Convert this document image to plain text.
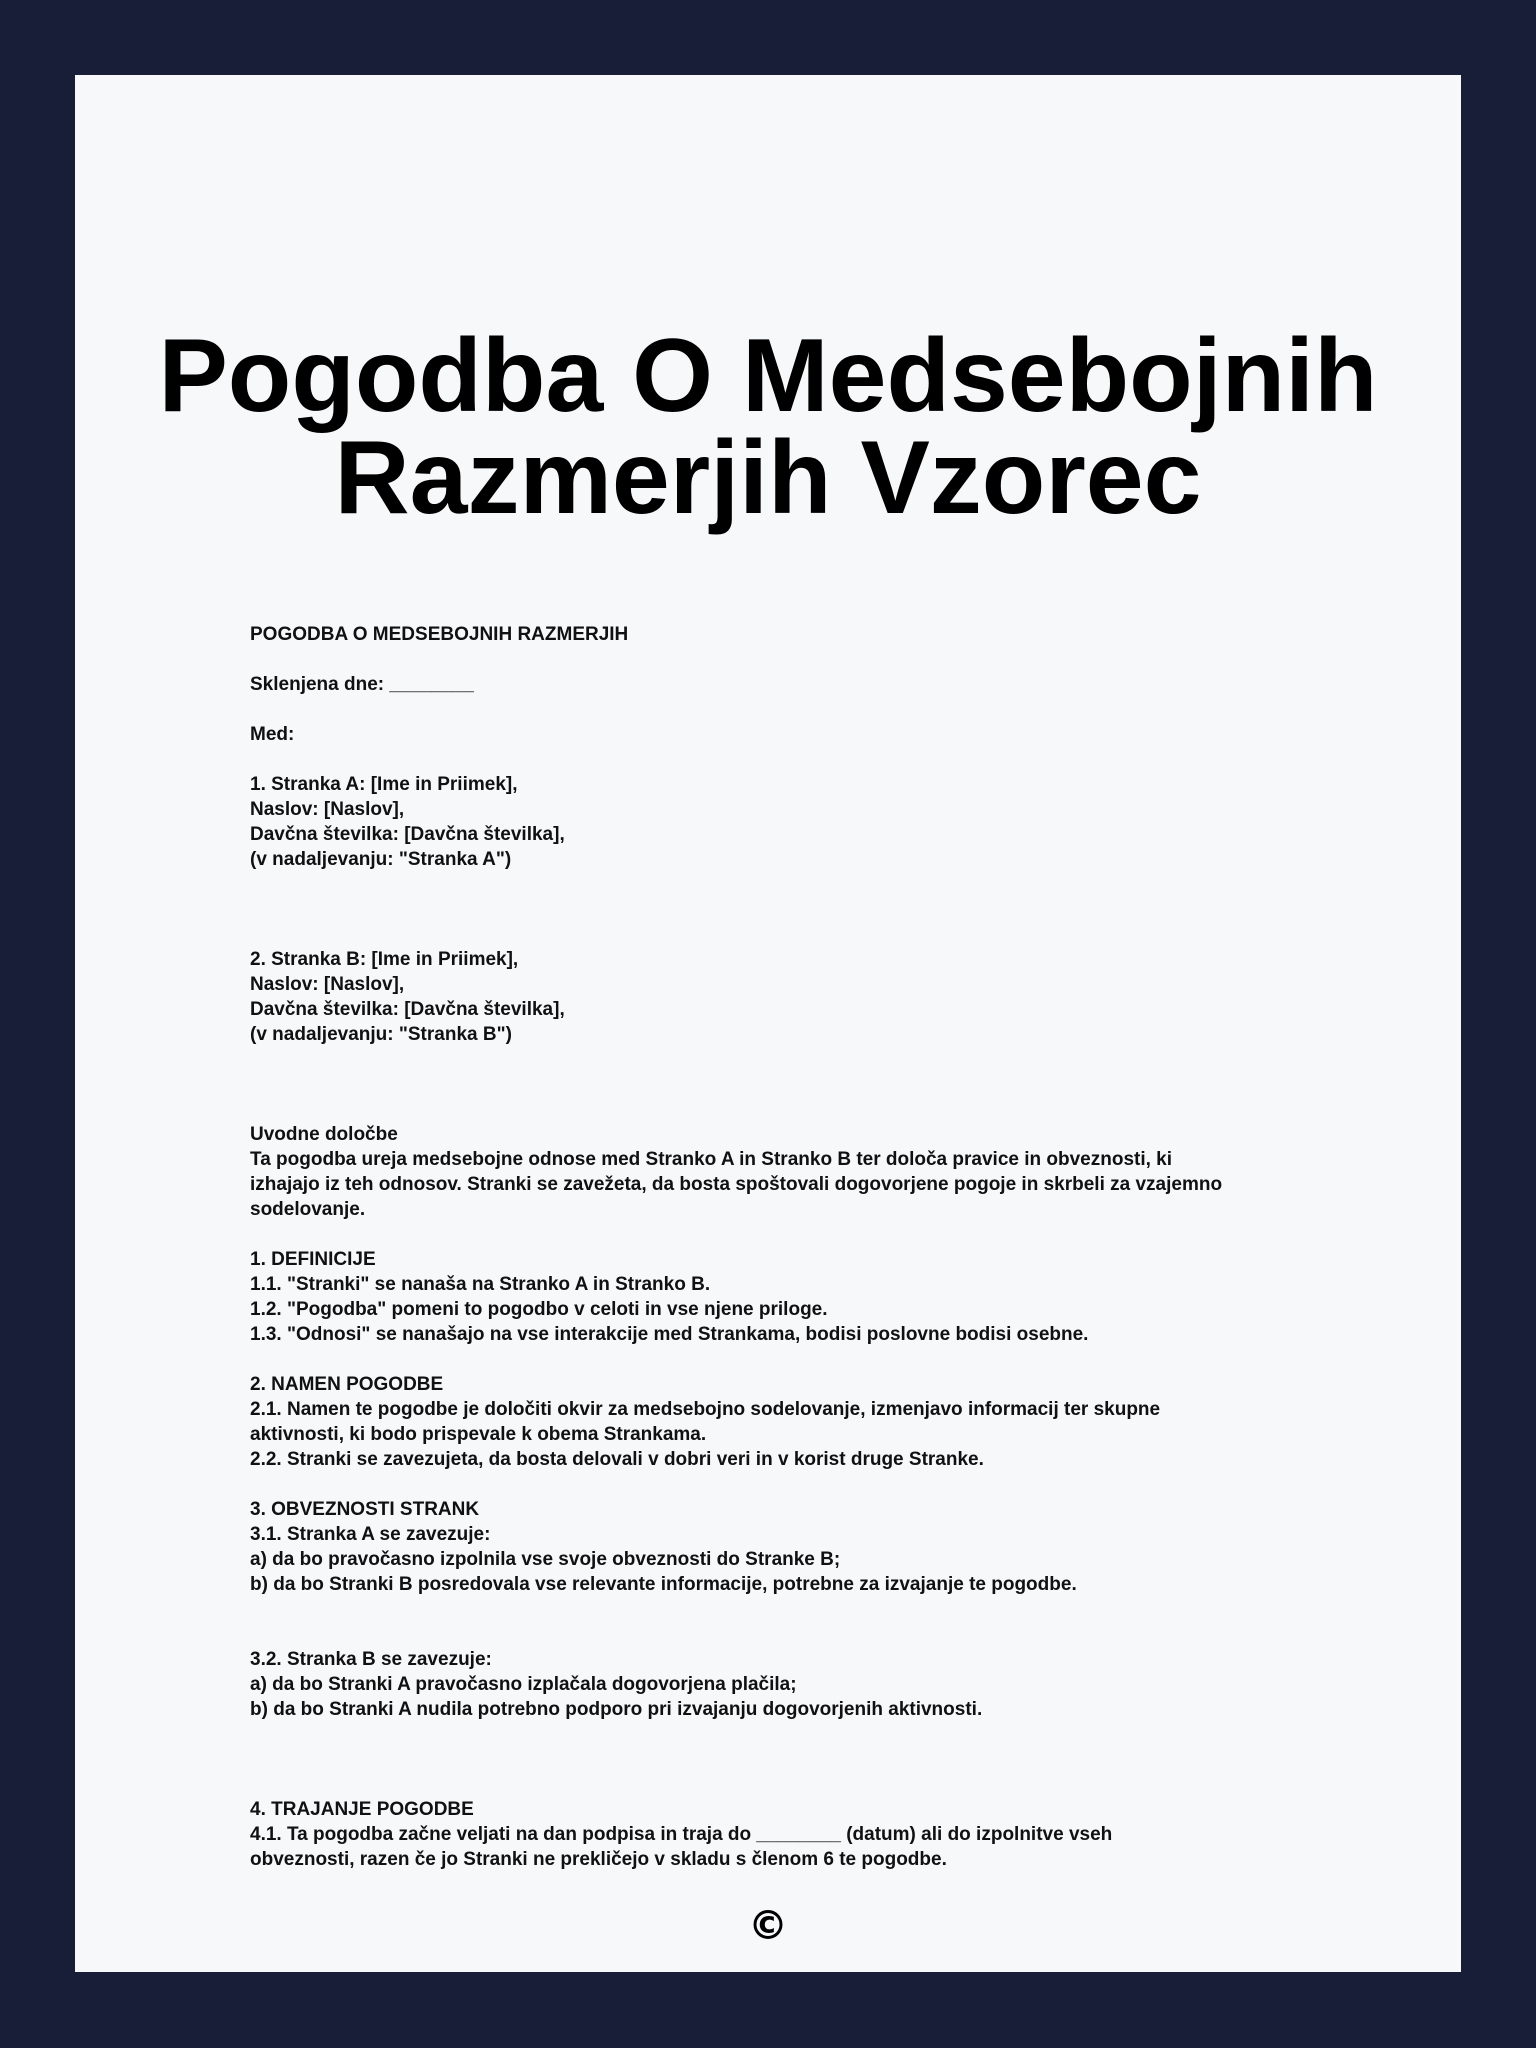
Pogodba O Medsebojnih Razmerjih Vzorec
POGODBA O MEDSEBOJNIH RAZMERJIH
Sklenjena dne: ________
Med:
1. Stranka A: [Ime in Priimek],
Naslov: [Naslov],
Davčna številka: [Davčna številka],
(v nadaljevanju: "Stranka A")
2. Stranka B: [Ime in Priimek],
Naslov: [Naslov],
Davčna številka: [Davčna številka],
(v nadaljevanju: "Stranka B")
Uvodne določbe
Ta pogodba ureja medsebojne odnose med Stranko A in Stranko B ter določa pravice in obveznosti, ki
izhajajo iz teh odnosov. Stranki se zavežeta, da bosta spoštovali dogovorjene pogoje in skrbeli za vzajemno
sodelovanje.
1. DEFINICIJE
1.1. "Stranki" se nanaša na Stranko A in Stranko B.
1.2. "Pogodba" pomeni to pogodbo v celoti in vse njene priloge.
1.3. "Odnosi" se nanašajo na vse interakcije med Strankama, bodisi poslovne bodisi osebne.
2. NAMEN POGODBE
2.1. Namen te pogodbe je določiti okvir za medsebojno sodelovanje, izmenjavo informacij ter skupne
aktivnosti, ki bodo prispevale k obema Strankama.
2.2. Stranki se zavezujeta, da bosta delovali v dobri veri in v korist druge Stranke.
3. OBVEZNOSTI STRANK
3.1. Stranka A se zavezuje:
a) da bo pravočasno izpolnila vse svoje obveznosti do Stranke B;
b) da bo Stranki B posredovala vse relevante informacije, potrebne za izvajanje te pogodbe.
3.2. Stranka B se zavezuje:
a) da bo Stranki A pravočasno izplačala dogovorjena plačila;
b) da bo Stranki A nudila potrebno podporo pri izvajanju dogovorjenih aktivnosti.
4. TRAJANJE POGODBE
4.1. Ta pogodba začne veljati na dan podpisa in traja do ________ (datum) ali do izpolnitve vseh
obveznosti, razen če jo Stranki ne prekličejo v skladu s členom 6 te pogodbe.
©
